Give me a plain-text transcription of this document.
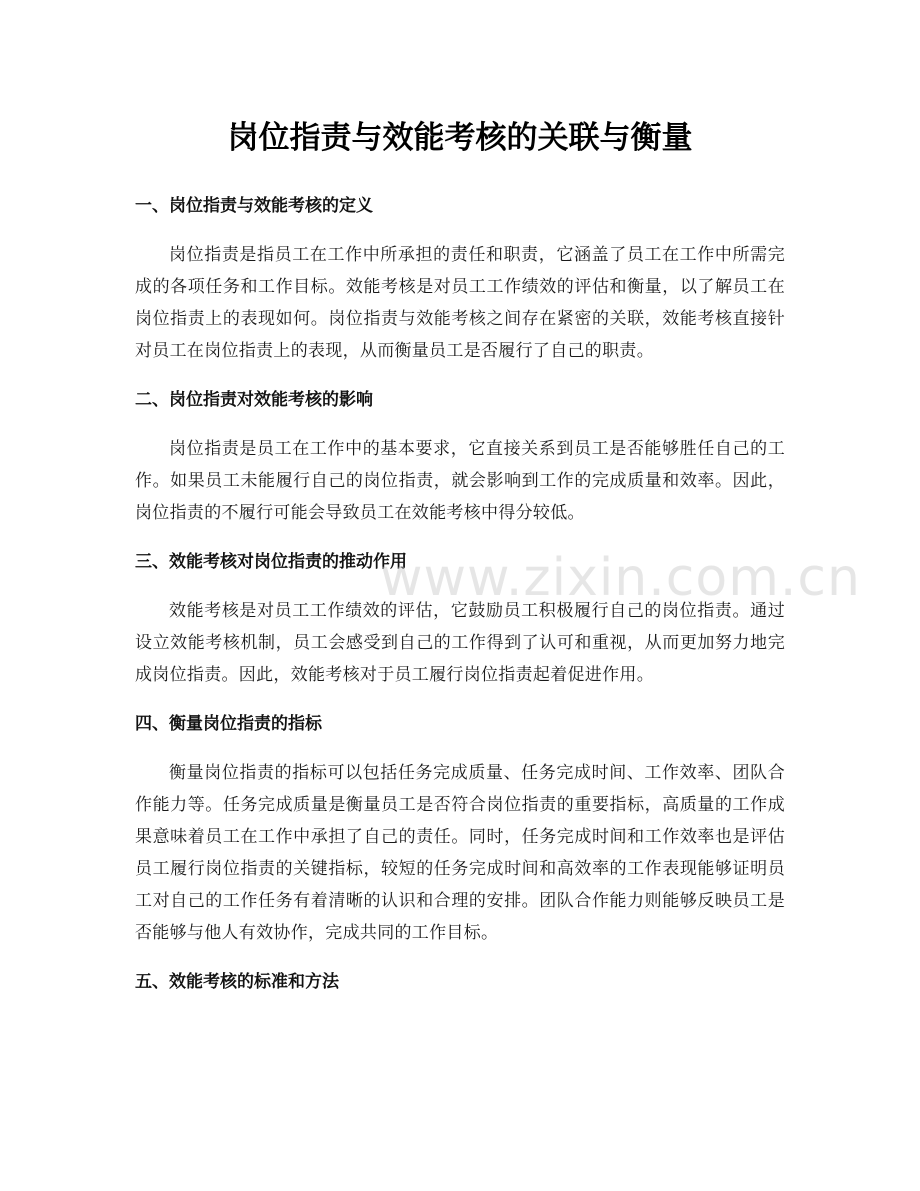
岗位指责与效能考核的关联与衡量
一、岗位指责与效能考核的定义

岗位指责是指员工在工作中所承担的责任和职责，它涵盖了员工在工作中所需完成的各项任务和工作目标。效能考核是对员工工作绩效的评估和衡量，以了解员工在岗位指责上的表现如何。岗位指责与效能考核之间存在紧密的关联，效能考核直接针对员工在岗位指责上的表现，从而衡量员工是否履行了自己的职责。

二、岗位指责对效能考核的影响

岗位指责是员工在工作中的基本要求，它直接关系到员工是否能够胜任自己的工作。如果员工未能履行自己的岗位指责，就会影响到工作的完成质量和效率。因此，岗位指责的不履行可能会导致员工在效能考核中得分较低。

三、效能考核对岗位指责的推动作用

效能考核是对员工工作绩效的评估，它鼓励员工积极履行自己的岗位指责。通过设立效能考核机制，员工会感受到自己的工作得到了认可和重视，从而更加努力地完成岗位指责。因此，效能考核对于员工履行岗位指责起着促进作用。

四、衡量岗位指责的指标

衡量岗位指责的指标可以包括任务完成质量、任务完成时间、工作效率、团队合作能力等。任务完成质量是衡量员工是否符合岗位指责的重要指标，高质量的工作成果意味着员工在工作中承担了自己的责任。同时，任务完成时间和工作效率也是评估员工履行岗位指责的关键指标，较短的任务完成时间和高效率的工作表现能够证明员工对自己的工作任务有着清晰的认识和合理的安排。团队合作能力则能够反映员工是否能够与他人有效协作，完成共同的工作目标。

五、效能考核的标准和方法
www.zixin.com.cn
